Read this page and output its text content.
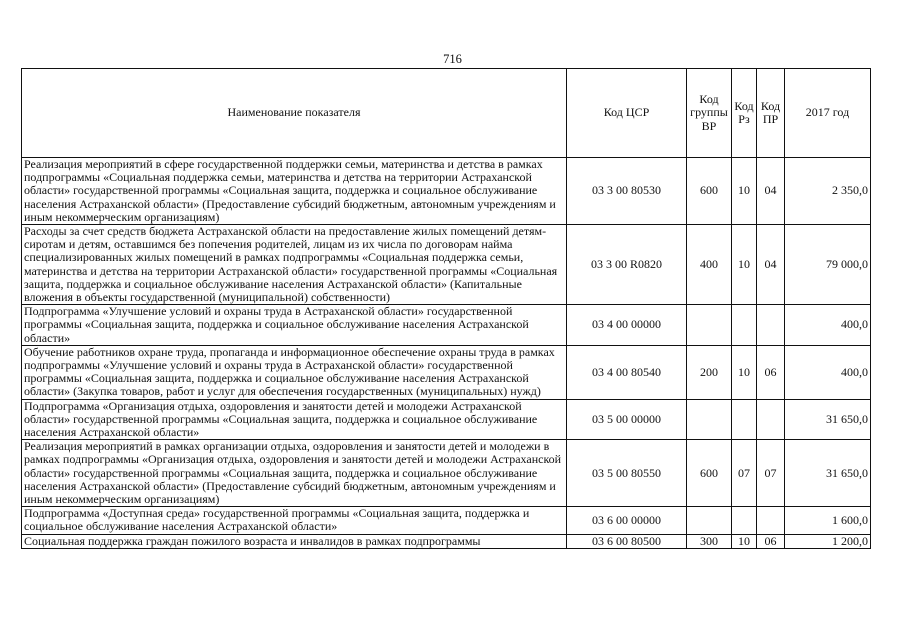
716
Наименование показателя	Код ЦСР	Код группы ВР	Код Рз	Код ПР	2017 год
Реализация мероприятий в сфере государственной поддержки семьи, материнства и детства в рамках подпрограммы «Социальная поддержка семьи, материнства и детства на территории Астраханской области» государственной программы «Социальная защита, поддержка и социальное обслуживание населения Астраханской области» (Предоставление субсидий бюджетным, автономным учреждениям и иным некоммерческим организациям)	03 3 00 80530	600	10	04	2 350,0
Расходы за счет средств бюджета Астраханской области на предоставление жилых помещений детям-сиротам и детям, оставшимся без попечения родителей, лицам из их числа по договорам найма специализированных жилых помещений в рамках подпрограммы «Социальная поддержка семьи, материнства и детства на территории Астраханской области» государственной программы «Социальная защита, поддержка и социальное обслуживание населения Астраханской области» (Капитальные вложения в объекты государственной (муниципальной) собственности)	03 3 00 R0820	400	10	04	79 000,0
Подпрограмма «Улучшение условий и охраны труда в Астраханской области» государственной программы «Социальная защита, поддержка и социальное обслуживание населения Астраханской области»	03 4 00 00000				400,0
Обучение работников охране труда, пропаганда и информационное обеспечение охраны труда в рамках подпрограммы «Улучшение условий и охраны труда в Астраханской области» государственной программы «Социальная защита, поддержка и социальное обслуживание населения Астраханской области» (Закупка товаров, работ и услуг для обеспечения государственных (муниципальных) нужд)	03 4 00 80540	200	10	06	400,0
Подпрограмма «Организация отдыха, оздоровления и занятости детей и молодежи Астраханской области» государственной программы «Социальная защита, поддержка и социальное обслуживание населения Астраханской области»	03 5 00 00000				31 650,0
Реализация мероприятий в рамках организации отдыха, оздоровления и занятости детей и молодежи в рамках подпрограммы «Организация отдыха, оздоровления и занятости детей и молодежи Астраханской области» государственной программы «Социальная защита, поддержка и социальное обслуживание населения Астраханской области» (Предоставление субсидий бюджетным, автономным учреждениям и иным некоммерческим организациям)	03 5 00 80550	600	07	07	31 650,0
Подпрограмма «Доступная среда» государственной программы «Социальная защита, поддержка и социальное обслуживание населения Астраханской области»	03 6 00 00000				1 600,0
Социальная поддержка граждан пожилого возраста и инвалидов в рамках подпрограммы	03 6 00 80500	300	10	06	1 200,0
